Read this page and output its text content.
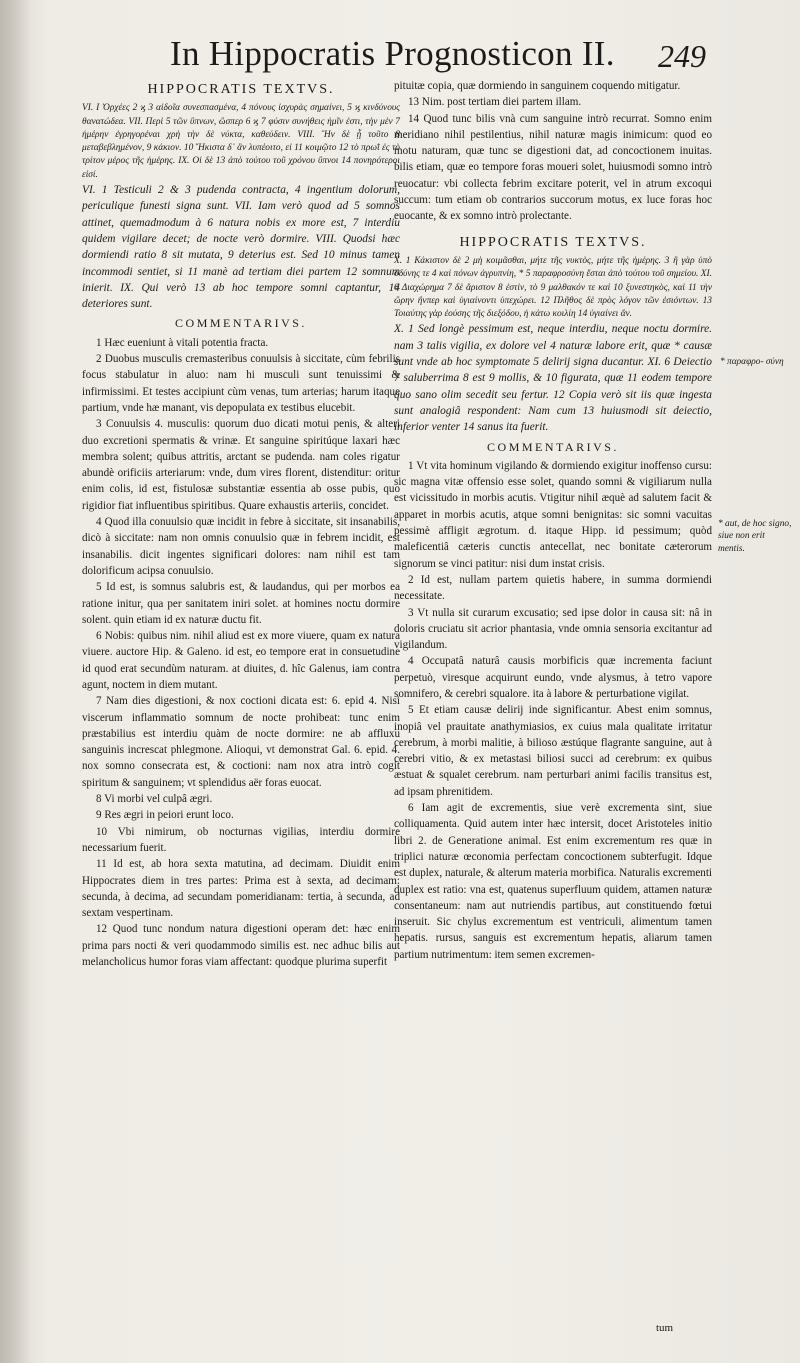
In Hippocratis Prognosticon II. 249

HIPPOCRATIS TEXTVS.

VI. I Ὀρχέες 2 ϗ 3 αἰδοῖα συνεσπασμένα, 4 πόνους ἰσχυρὰς σημαίνει, 5 ϗ κινδύνους θανατώδεα. VII. Περὶ 5 τῶν ὕπνων, ὥσπερ 6 ϗ 7 φύσιν συνήθεις ἡμῖν ἐστι, τὴν μὲν 7 ἡμέρην ἐγρηγορέναι χρὴ τὴν δὲ νύκτα, καθεύδειν. VIII. Ἢν δὲ ᾖ τοῦτο 8 μεταβεβλημένον, 9 κάκιον. 10 Ἥκιστα δ᾽ ἂν λυπέοιτο, εἰ 11 κοιμῷτο 12 τὸ πρωῒ ἐς τὸ τρίτον μέρος τῆς ἡμέρης. IX. Οἱ δὲ 13 ἀπὸ τούτου τοῦ χρόνου ὕπνοι 14 πονηρότεροι εἰσί.

VI. 1 Testiculi 2 & 3 pudenda contracta, 4 ingentium dolorum, periculique funesti signa sunt. VII. Iam verò quod ad 5 somnos attinet, quemadmodum à 6 natura nobis ex more est, 7 interdiu quidem vigilare decet; de nocte verò dormire. VIII. Quodsi hæc dormiendi ratio 8 sit mutata, 9 deterius est. Sed 10 minus tamen incommodi sentiet, si 11 manè ad tertiam diei partem 12 somnum inierit. IX. Qui verò 13 ab hoc tempore somni captantur, 14 deteriores sunt.

COMMENTARIVS.

1 Hæc eueniunt à vitali potentia fracta.

2 Duobus musculis cremasteribus conuulsis à siccitate, cùm febrilis focus stabulatur in aluo: nam hi musculi sunt tenuissimi & infirmissimi. Et testes accipiunt cùm venas, tum arterias; harum itaque partium, vnde hæ manant, vis depopulata ex testibus elucebit.

3 Conuulsis 4. musculis: quorum duo dicati motui penis, & alteri duo excretioni spermatis & vrinæ. Et sanguine spiritúque laxari hæc membra solent; quibus attritis, arctant se pudenda. nam coles rigatur abundè orificiis arteriarum: vnde, dum vires florent, distenditur: oritur enim colis, id est, fistulosæ substantiæ essentia ab osse pubis, quo rigidior fiat influentibus spiritibus. Quare exhaustis arteriis, concidet.

4 Quod illa conuulsio quæ incidit in febre à siccitate, sit insanabilis, dicò à siccitate: nam non omnis conuulsio quæ in febrem incidit, est insanabilis. dicit ingentes significari dolores: nam nihil est tam dolorificum acipsa conuulsio.

5 Id est, is somnus salubris est, & laudandus, qui per morbos ea ratione initur, qua per sanitatem iniri solet. at homines noctu dormire solent. quin etiam id ex naturæ ductu fit.

6 Nobis: quibus nim. nihil aliud est ex more viuere, quam ex natura viuere. auctore Hip. & Galeno. id est, eo tempore erat in consuetudine id quod erat secundùm naturam. at diuites, d. hîc Galenus, iam contra agunt, noctem in diem mutant.

7 Nam dies digestioni, & nox coctioni dicata est: 6. epid 4. Nisi viscerum inflammatio somnum de nocte prohibeat: tunc enim præstabilius est interdiu quàm de nocte dormire: ne ab affluxu sanguinis increscat phlegmone. Alioqui, vt demonstrat Gal. 6. epid. 4. nox somno consecrata est, & coctioni: nam nox atra intrò cogit spiritum & sanguinem; vt splendidus aër foras euocat.

8 Vi morbi vel culpâ ægri.

9 Res ægri in peiori erunt loco.

10 Vbi nimirum, ob nocturnas vigilias, interdiu dormire necessarium fuerit.

11 Id est, ab hora sexta matutina, ad decimam. Diuidit enim Hippocrates diem in tres partes: Prima est à sexta, ad decimam: secunda, à decima, ad secundam pomeridianam: tertia, à secunda, ad sextam vespertinam.

12 Quod tunc nondum natura digestioni operam det: hæc enim prima pars nocti & veri quodammodo similis est. nec adhuc bilis aut melancholicus humor foras viam affectant: quodque plurima superfit

pituitæ copia, quæ dormiendo in sanguinem coquendo mitigatur.

13 Nim. post tertiam diei partem illam.

14 Quod tunc bilis vnà cum sanguine intrò recurrat. Somno enim meridiano nihil pestilentius, nihil naturæ magis inimicum: quod eo motu naturam, quæ tunc se digestioni dat, ad concoctionem inuitas. bilis etiam, quæ eo tempore foras moueri solet, huiusmodi somno intrò reuocatur: vbi collecta febrim excitare poterit, vel in atrum excoqui succum: tum etiam ob contrarios succorum motus, ex luce foras hoc euocante, & ex somno intrò prolectante.

HIPPOCRATIS TEXTVS.

X. 1 Κάκιστον δὲ 2 μὴ κοιμᾶσθαι, μήτε τῆς νυκτὸς, μήτε τῆς ἡμέρης. 3 ἢ γὰρ ὑπὸ ὀδύνης τε 4 καὶ πόνων ἀγρυπνίη, * 5 παραφροσύνη ἔσται ἀπὸ τούτου τοῦ σημείου. XI. 6 Διαχώρημα 7 δὲ ἄριστον 8 ἐστὶν, τὸ 9 μαλθακόν τε καὶ 10 ξυνεστηκὸς, καὶ 11 τὴν ὥρην ἥνπερ καὶ ὑγιαίνοντι ὑπεχώρει. 12 Πλῆθος δὲ πρὸς λόγον τῶν ἐσιόντων. 13 Τοιαύτης γὰρ ἐούσης τῆς διεξόδου, ἡ κάτω κοιλίη 14 ὑγιαίνει ἄν.

X. 1 Sed longè pessimum est, neque interdiu, neque noctu dormire. nam 3 talis vigilia, ex dolore vel 4 naturæ labore erit, quæ * causæ sunt vnde ab hoc symptomate 5 delirij signa ducantur. XI. 6 Deiectio 7 saluberrima 8 est 9 mollis, & 10 figurata, quæ 11 eodem tempore quo sano olim secedit seu fertur. 12 Copia verò sit iis quæ ingesta sunt analogiâ respondent: Nam cum 13 huiusmodi sit deiectio, inferior venter 14 sanus ita fuerit.

COMMENTARIVS.

1 Vt vita hominum vigilando & dormiendo exigitur inoffenso cursu: sic magna vitæ offensio esse solet, quando somni & vigiliarum nulla est vicissitudo in morbis acutis. Vtigitur nihil æquè ad salutem facit & apparet in morbis acutis, atque somni benignitas: sic somni vacuitas pessimè affligit ægrotum. d. itaque Hipp. id pessimum; quòd maleficentiâ cæteris cunctis antecellat, nec bonitate cæterorum signorum se vinci patitur: nisi dum instat crisis.

2 Id est, nullam partem quietis habere, in summa dormiendi necessitate.

3 Vt nulla sit curarum excusatio; sed ipse dolor in causa sit: nâ in doloris cruciatu sit acrior phantasia, vnde omnia sensoria excitantur ad vigilandum.

4 Occupatâ naturâ causis morbificis quæ incrementa faciunt perpetuò, viresque acquirunt eundo, vnde alysmus, à tetro vapore somnifero, & cerebri squalore. ita à labore & perturbatione vigilat.

5 Et etiam causæ delirij inde significantur. Abest enim somnus, inopiâ vel prauitate anathymiasios, ex cuius mala qualitate irritatur cerebrum, à morbi malitie, à bilioso æstúque flagrante sanguine, aut à cerebri vitio, & ex metastasi biliosi succi ad cerebrum: ex quibus æstuat & squalet cerebrum. nam perturbari animi facilis transitus est, ad ipsam phrenitidem.

6 Iam agit de excrementis, siue verè excrementa sint, siue colliquamenta. Quid autem inter hæc intersit, docet Aristoteles initio libri 2. de Generatione animal. Est enim excrementum res quæ in triplici naturæ œconomia perfectam concoctionem subterfugit. Idque est duplex, naturale, & alterum materia morbifica. Naturalis excrementi duplex est ratio: vna est, quatenus superfluum quidem, attamen naturæ consentaneum: nam aut nutriendis partibus, aut constituendo fœtui inseruit. Sic chylus excrementum est ventriculi, alimentum tamen hepatis. rursus, sanguis est excrementum hepatis, aliarum tamen partium nutrimentum: item semen excremen-

* παραφρο- σύνη
* aut, de hoc signo, siue non erit mentis.
tum
